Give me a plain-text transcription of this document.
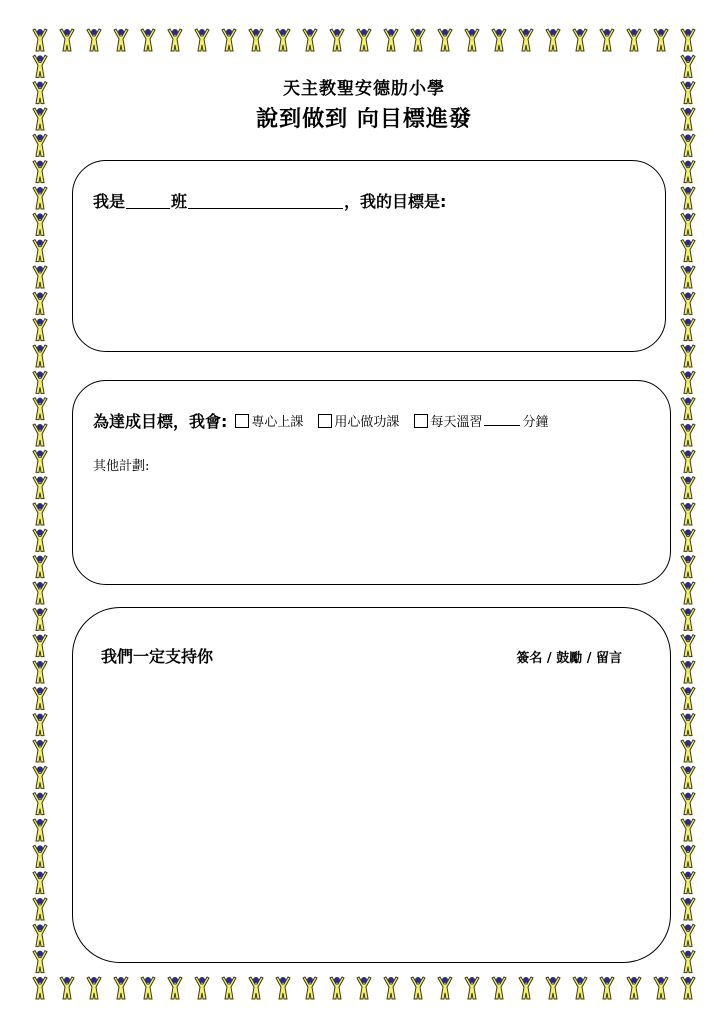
天主教聖安德肋小學
說到做到 向目標進發
我是	班	，我的目標是:
為達成目標，我會: 專心上課 用心做功課 每天溫習	分鐘
其他計劃:
我們一定支持你	簽名 / 鼓勵 / 留言
